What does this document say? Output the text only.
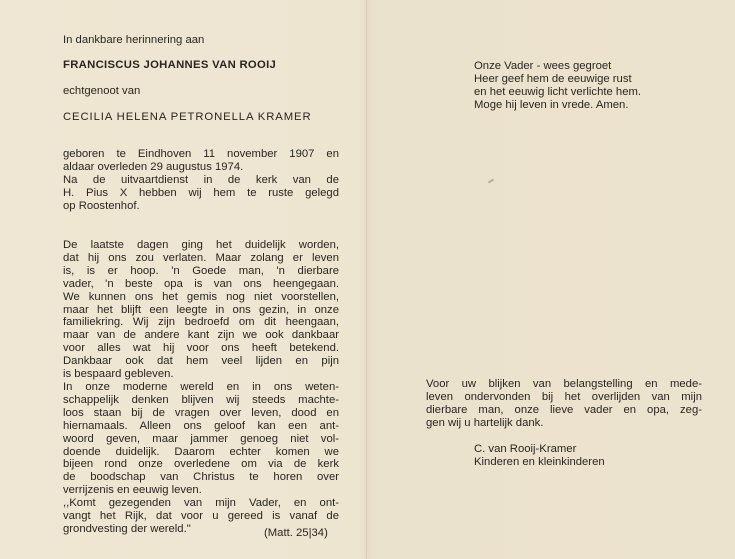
In dankbare herinnering aan
FRANCISCUS JOHANNES VAN ROOIJ
echtgenoot van
CECILIA HELENA PETRONELLA KRAMER
geboren te Eindhoven 11 november 1907 en
aldaar overleden 29 augustus 1974.
Na de uitvaartdienst in de kerk van de
H. Pius X hebben wij hem te ruste gelegd
op Roostenhof.
De laatste dagen ging het duidelijk worden,
dat hij ons zou verlaten. Maar zolang er leven
is, is er hoop. 'n Goede man, 'n dierbare
vader, 'n beste opa is van ons heengegaan.
We kunnen ons het gemis nog niet voorstellen,
maar het blijft een leegte in ons gezin, in onze
familiekring. Wij zijn bedroefd om dit heengaan,
maar van de andere kant zijn we ook dankbaar
voor alles wat hij voor ons heeft betekend.
Dankbaar ook dat hem veel lijden en pijn
is bespaard gebleven.
In onze moderne wereld en in ons weten-
schappelijk denken blijven wij steeds machte-
loos staan bij de vragen over leven, dood en
hiernamaals. Alleen ons geloof kan een ant-
woord geven, maar jammer genoeg niet vol-
doende duidelijk. Daarom echter komen we
bijeen rond onze overledene om via de kerk
de boodschap van Christus te horen over
verrijzenis en eeuwig leven.
,,Komt gezegenden van mijn Vader, en ont-
vangt het Rijk, dat voor u gereed is vanaf de
grondvesting der wereld."	(Matt. 25|34)
Onze Vader - wees gegroet
Heer geef hem de eeuwige rust
en het eeuwig licht verlichte hem.
Moge hij leven in vrede. Amen.
Voor uw blijken van belangstelling en mede-
leven ondervonden bij het overlijden van mijn
dierbare man, onze lieve vader en opa, zeg-
gen wij u hartelijk dank.
C. van Rooij-Kramer
Kinderen en kleinkinderen
